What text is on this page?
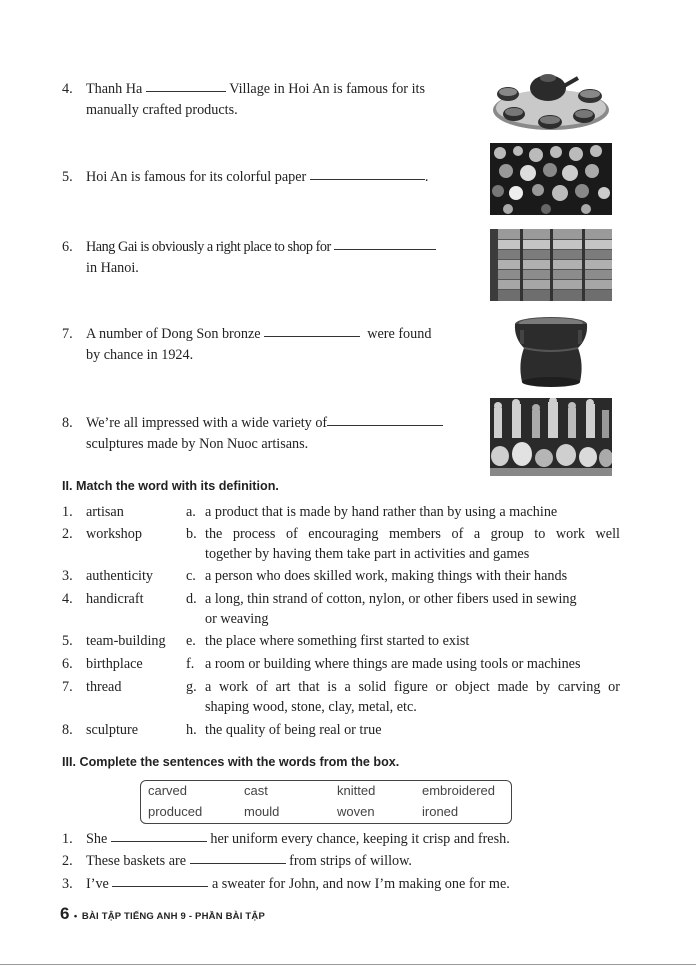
4. Thanh Ha	Village in Hoi An is famous for its
manually crafted products.
5. Hoi An is famous for its colorful paper	.
6. Hang Gai is obviously a right place to shop for
in Hanoi.
7. A number of Dong Son bronze	were found
by chance in 1924.
8. We’re all impressed with a wide variety of
sculptures made by Non Nuoc artisans.
II. Match the word with its definition.
1. artisan	a. a product that is made by hand rather than by using a machine
2. workshop	b. the process of encouraging members of a group to work well
together by having them take part in activities and games
3. authenticity c. a person who does skilled work, making things with their hands
4. handicraft	d. a long, thin strand of cotton, nylon, or other fibers used in sewing
or weaving
5. team-building e. the place where something first started to exist
6. birthplace	f. a room or building where things are made using tools or machines
7. thread	g. a work of art that is a solid figure or object made by carving or
shaping wood, stone, clay, metal, etc.
8. sculpture	h. the quality of being real or true
III. Complete the sentences with the words from the box.
carved	cast	knitted	embroidered
produced	mould	woven	ironed
1. She	her uniform every chance, keeping it crisp and fresh.
2. These baskets are	from strips of willow.
3. I’ve	a sweater for John, and now I’m making one for me.
6 • BÀI TẬP TIẾNG ANH 9 - PHẦN BÀI TẬP
